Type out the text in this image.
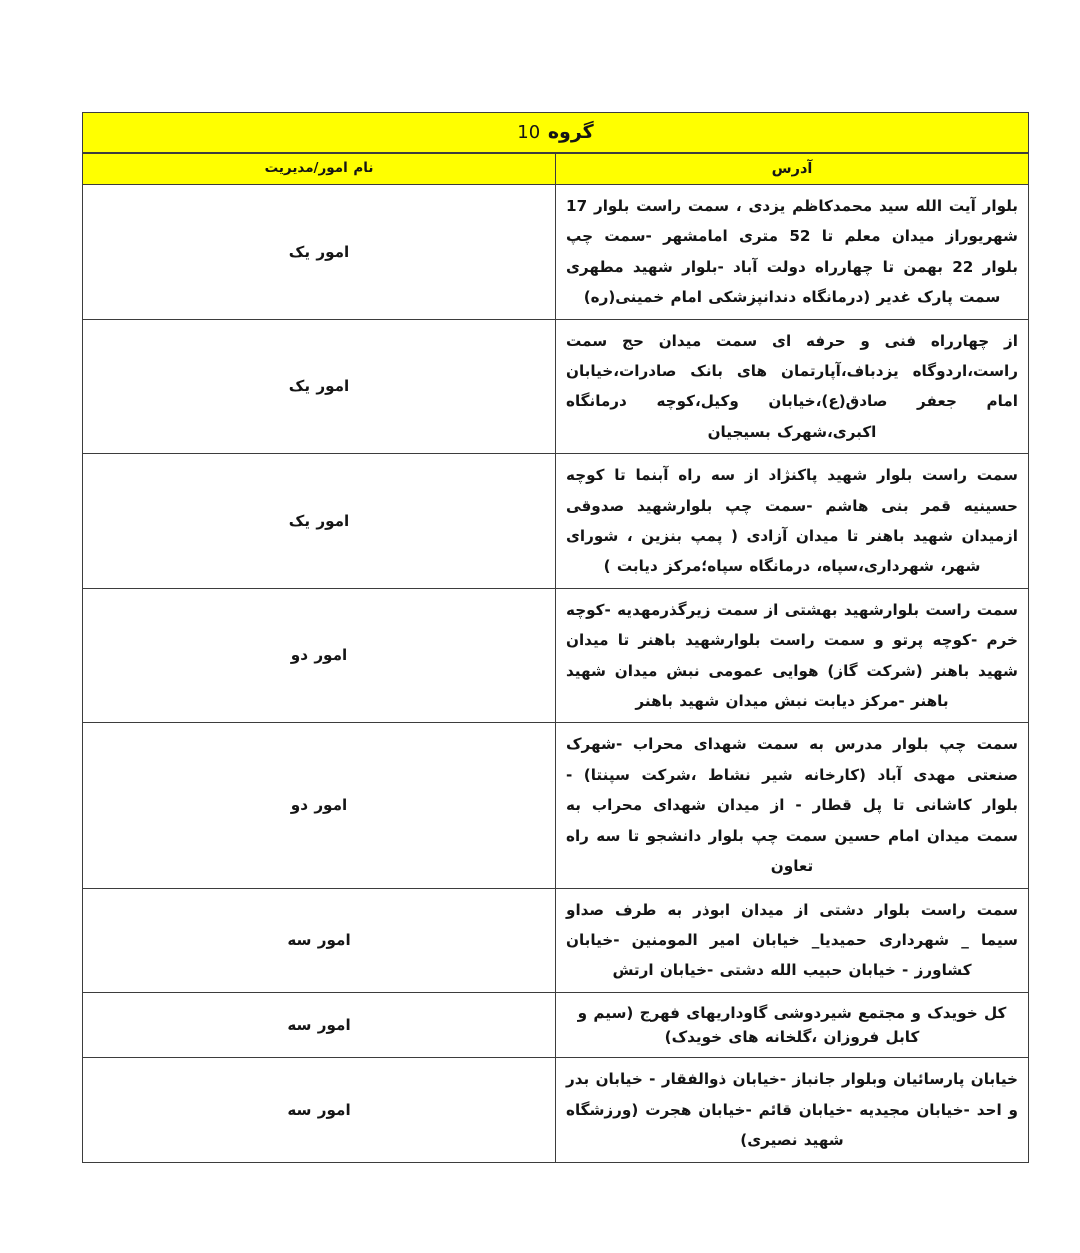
گروه 10	
آدرس	نام امور/مدیریت
بلوار آیت الله سید محمدکاظم یزدی ، سمت راست بلوار 17 شهریوراز میدان معلم تا 52 متری امامشهر -سمت چپ بلوار 22 بهمن تا چهارراه دولت آباد -بلوار شهید مطهری سمت پارک غدیر (درمانگاه دندانپزشکی امام خمینی(ره)	امور یک
از چهارراه فنی و حرفه ای سمت میدان حج سمت راست،اردوگاه یزدباف،آپارتمان های بانک صادرات،خیابان امام جعفر صادق(ع)،خیابان وکیل،کوچه درمانگاه اکبری،شهرک بسیجیان	امور یک
سمت راست بلوار شهید پاکنژاد از سه راه آبنما تا کوچه حسینیه قمر بنی هاشم -سمت چپ بلوارشهید صدوقی ازمیدان شهید باهنر تا میدان آزادی ( پمپ بنزین ، شورای شهر، شهرداری،سپاه، درمانگاه سپاه؛مرکز دیابت )	امور یک
سمت راست بلوارشهید بهشتی از سمت زیرگذرمهدیه -کوچه خرم -کوچه پرتو و سمت راست بلوارشهید باهنر تا میدان شهید باهنر (شرکت گاز) هوایی عمومی نبش میدان شهید باهنر -مرکز دیابت نبش میدان شهید باهنر	امور دو
سمت چپ بلوار مدرس به سمت شهدای محراب -شهرک صنعتی مهدی آباد (کارخانه شیر نشاط ،شرکت سپنتا) - بلوار کاشانی تا پل قطار - از میدان شهدای محراب به سمت میدان امام حسین سمت چپ بلوار دانشجو تا سه راه تعاون	امور دو
سمت راست بلوار دشتی از میدان ابوذر به طرف صداو سیما _ شهرداری حمیدیا_ خیابان امیر المومنین -خیابان کشاورز - خیابان حبیب الله دشتی -خیابان ارتش	امور سه
کل خویدک و مجتمع شیردوشی گاوداریهای فهرج (سیم و کابل فروزان ،گلخانه های خویدک)	امور سه
خیابان پارسائیان وبلوار جانباز -خیابان ذوالفقار - خیابان بدر و احد -خیابان مجیدیه -خیابان قائم -خیابان هجرت (ورزشگاه شهید نصیری)	امور سه
